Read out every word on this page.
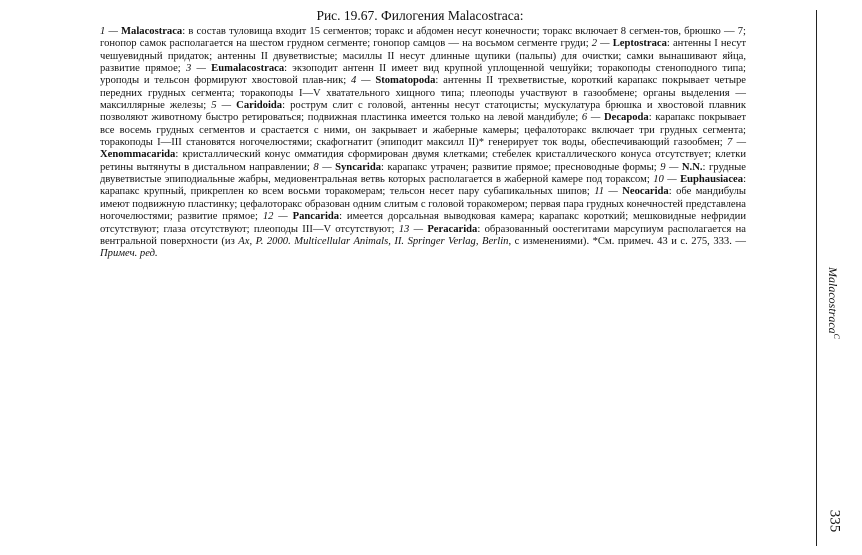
Рис. 19.67. Филогения Malacostraca:

1 — Malacostraca: в состав туловища входит 15 сегментов; торакс и абдомен несут конечности; торакс включает 8 сегмен-тов, брюшко — 7; гонопор самок располагается на шестом грудном сегменте; гонопор самцов — на восьмом сегменте груди; 2 — Leptostraca: антенны I несут чешуевидный придаток; антенны II двуветвистые; масиллы II несут длинные щупики (пальпы) для очистки; самки вынашивают яйца, развитие прямое; 3 — Eumalacostraca: экзоподит антенн II имеет вид крупной уплощенной чешуйки; торакоподы стеноподного типа; уроподы и тельсон формируют хвостовой плав-ник; 4 — Stomatopoda: антенны II трехветвистые, короткий карапакс покрывает четыре передних грудных сегмента; торакоподы I—V хватательного хищного типа; плеоподы участвуют в газообмене; органы выделения — максиллярные железы; 5 — Caridoida: рострум слит с головой, антенны несут статоцисты; мускулатура брюшка и хвостовой плавник позволяют животному быстро ретироваться; подвижная пластинка имеется только на левой мандибуле; 6 — Decapoda: карапакс покрывает все восемь грудных сегментов и срастается с ними, он закрывает и жаберные камеры; цефалоторакс включает три грудных сегмента; торакоподы I—III становятся ногочелюстями; скафогнатит (эпиподит максилл II)* генерирует ток воды, обеспечивающий газообмен; 7 — Xenommacarida: кристаллический конус омматидия сформирован двумя клетками; стебелек кристаллического конуса отсутствует; клетки ретины вытянуты в дистальном направлении; 8 — Syncarida: карапакс утрачен; развитие прямое; пресноводные формы; 9 — N.N.: грудные двуветвистые эпиподиальные жабры, медиовентральная ветвь которых располагается в жаберной камере под тораксом; 10 — Euphausiacea: карапакс крупный, прикреплен ко всем восьми торакомерам; тельсон несет пару субапикальных шипов; 11 — Neocarida: обе мандибулы имеют подвижную пластинку; цефалоторакс образован одним слитым с головой торакомером; первая пара грудных конечностей представлена ногочелюстями; развитие прямое; 12 — Pancarida: имеется дорсальная выводковая камера; карапакс короткий; мешковидные нефридии отсутствуют; глаза отсутствуют; плеоподы III—V отсутствуют; 13 — Peracarida: образованный оостегитами марсупиум располагается на вентральной поверхности (из Ax, P. 2000. Multicellular Animals, II. Springer Verlag, Berlin, с изменениями). *См. примеч. 43 и с. 275, 333. — Примеч. ред.

Malacostraca$^C$
335
